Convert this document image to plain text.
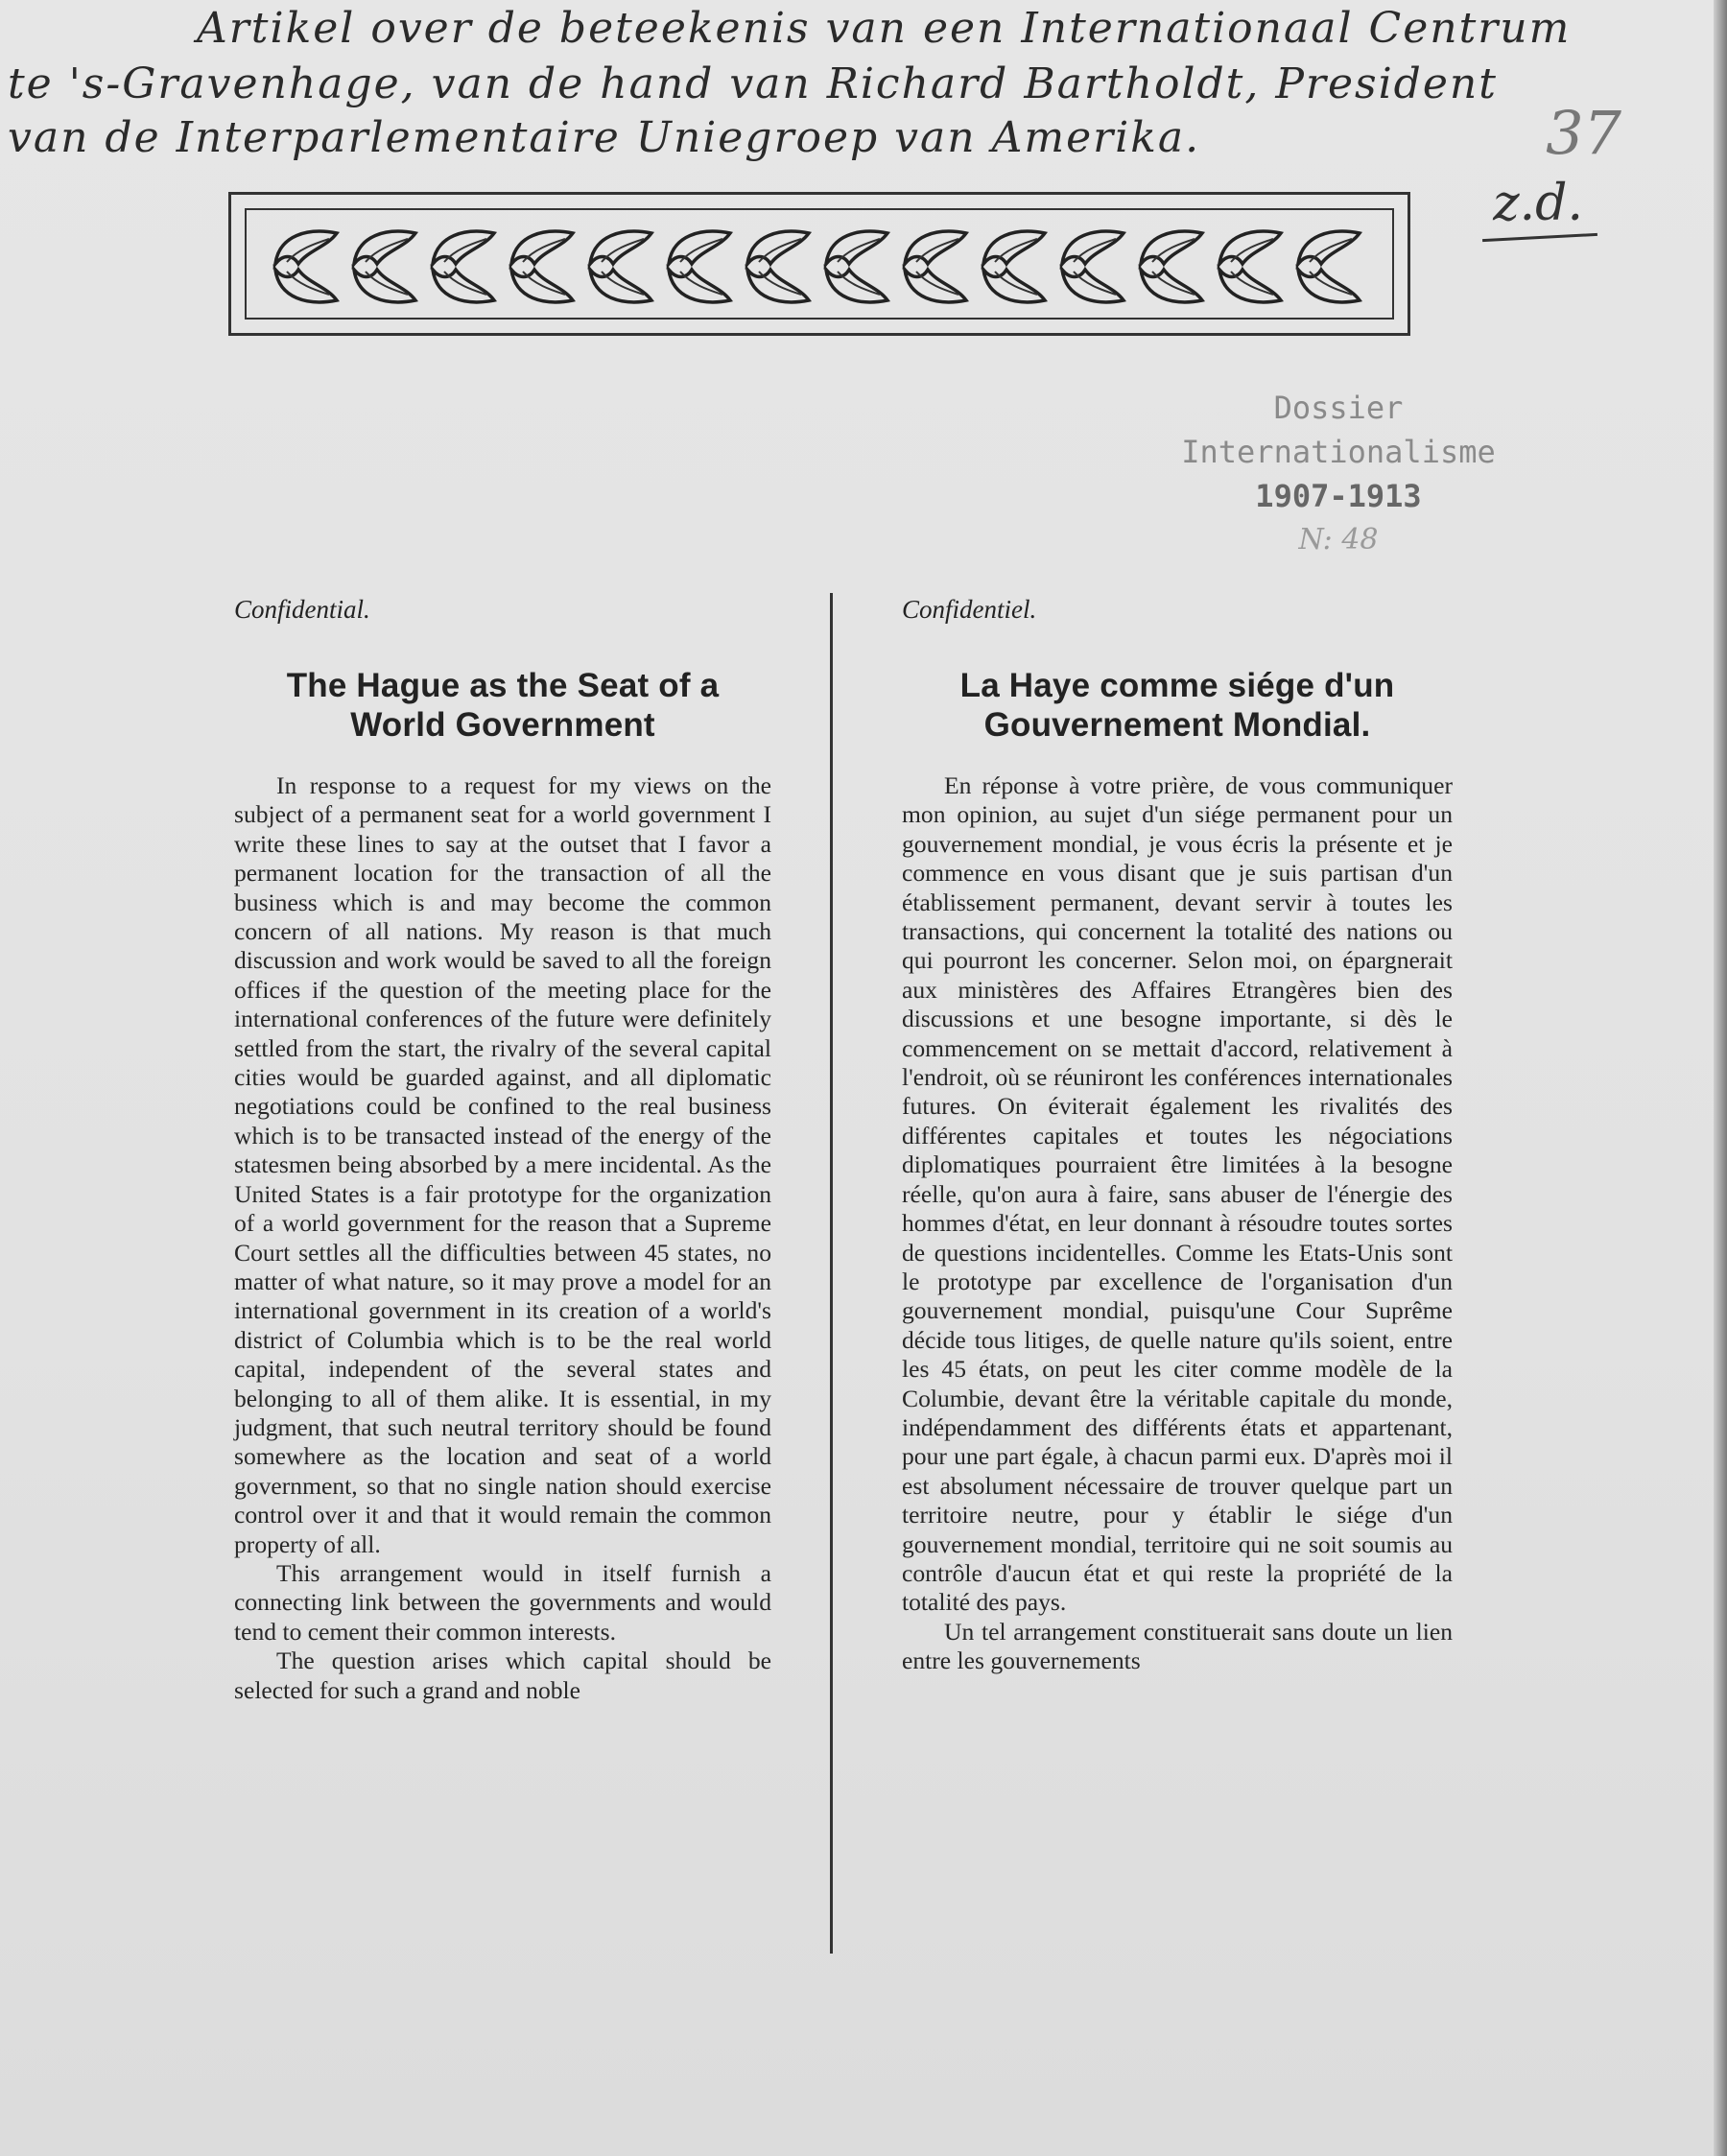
Artikel over de beteekenis van een Internationaal Centrum
te 's-Gravenhage, van de hand van Richard Bartholdt, President
van de Interparlementaire Uniegroep van Amerika.	37
z.d.
Dossier
Internationalisme
1907-1913
N: 48
Confidential.
The Hague as the Seat of a World Government

In response to a request for my views on the subject of a permanent seat for a world government I write these lines to say at the outset that I favor a permanent location for the transaction of all the business which is and may become the common concern of all nations. My reason is that much discussion and work would be saved to all the foreign offices if the question of the meeting place for the international conferences of the future were definitely settled from the start, the rivalry of the several capital cities would be guarded against, and all diplomatic negotiations could be confined to the real business which is to be transacted instead of the energy of the statesmen being absorbed by a mere incidental. As the United States is a fair prototype for the organization of a world government for the reason that a Supreme Court settles all the difficulties between 45 states, no matter of what nature, so it may prove a model for an international government in its creation of a world's district of Columbia which is to be the real world capital, independent of the several states and belonging to all of them alike. It is essential, in my judgment, that such neutral territory should be found somewhere as the location and seat of a world government, so that no single nation should exercise control over it and that it would remain the common property of all.

This arrangement would in itself furnish a connecting link between the governments and would tend to cement their common interests.

The question arises which capital should be selected for such a grand and noble

Confidentiel.
La Haye comme siége d'un Gouvernement Mondial.

En réponse à votre prière, de vous communiquer mon opinion, au sujet d'un siége permanent pour un gouvernement mondial, je vous écris la présente et je commence en vous disant que je suis partisan d'un établissement permanent, devant servir à toutes les transactions, qui concernent la totalité des nations ou qui pourront les concerner. Selon moi, on épargnerait aux ministères des Affaires Etrangères bien des discussions et une besogne importante, si dès le commencement on se mettait d'accord, relativement à l'endroit, où se réuniront les conférences internationales futures. On éviterait également les rivalités des différentes capitales et toutes les négociations diplomatiques pourraient être limitées à la besogne réelle, qu'on aura à faire, sans abuser de l'énergie des hommes d'état, en leur donnant à résoudre toutes sortes de questions incidentelles. Comme les Etats-Unis sont le prototype par excellence de l'organisation d'un gouvernement mondial, puisqu'une Cour Suprême décide tous litiges, de quelle nature qu'ils soient, entre les 45 états, on peut les citer comme modèle de la Columbie, devant être la véritable capitale du monde, indépendamment des différents états et appartenant, pour une part égale, à chacun parmi eux. D'après moi il est absolument nécessaire de trouver quelque part un territoire neutre, pour y établir le siége d'un gouvernement mondial, territoire qui ne soit soumis au contrôle d'aucun état et qui reste la propriété de la totalité des pays.

Un tel arrangement constituerait sans doute un lien entre les gouvernements
